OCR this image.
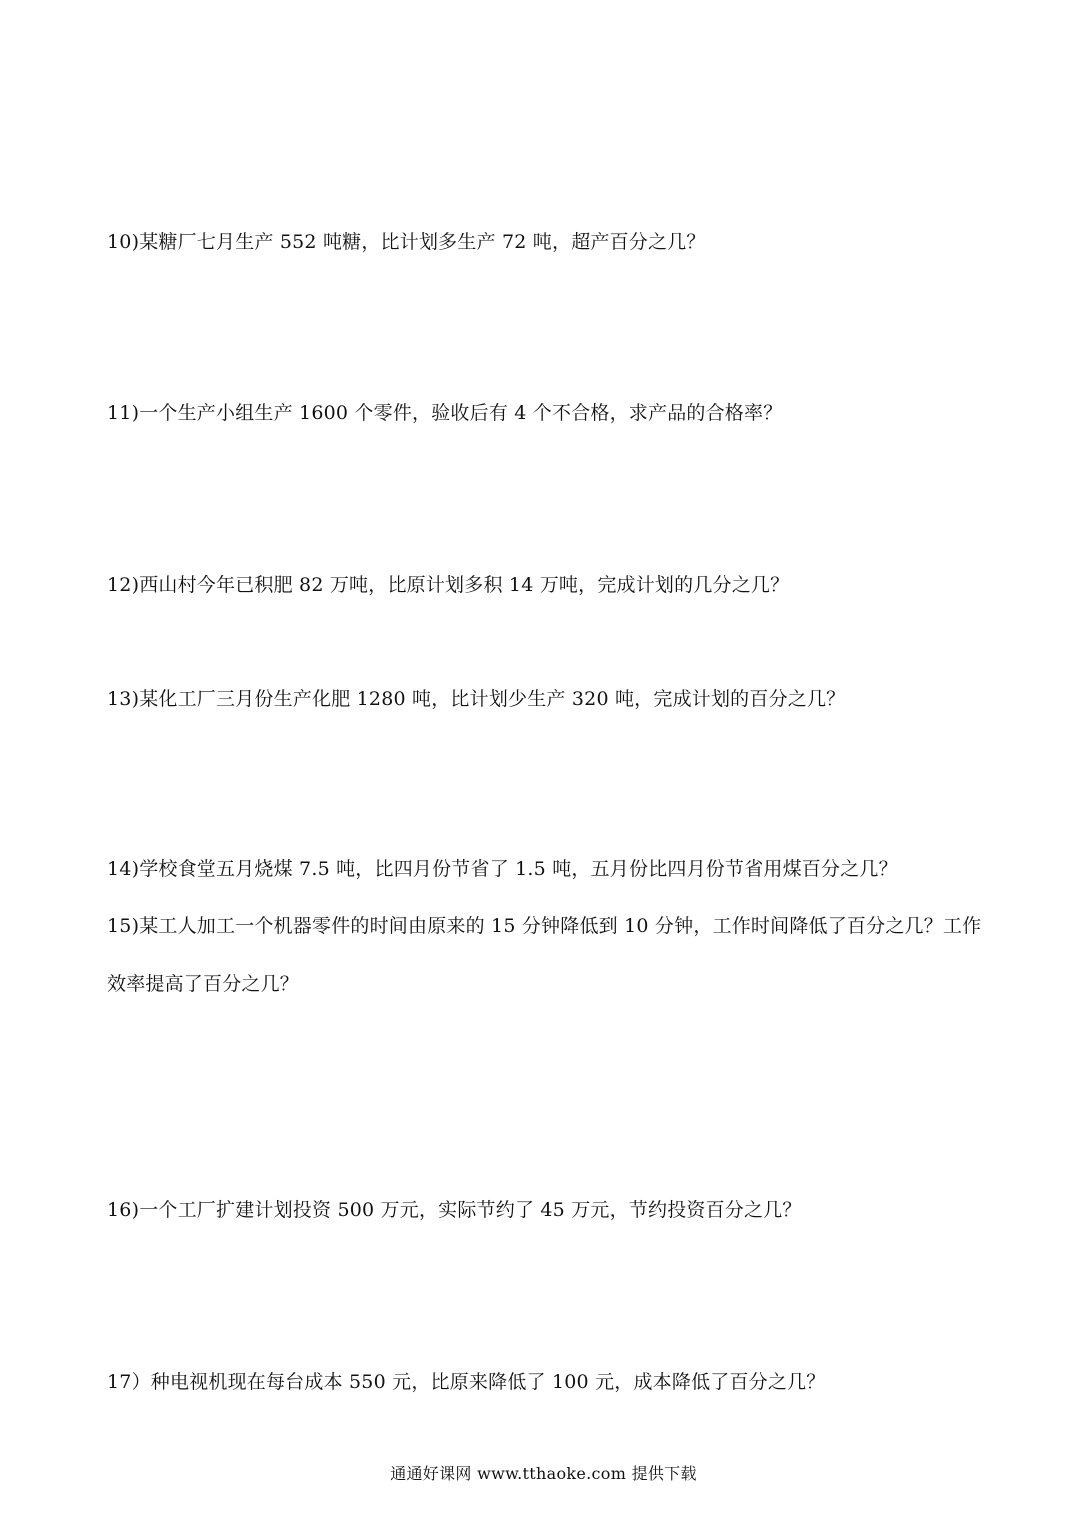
10)某糖厂七月生产 552 吨糖，比计划多生产 72 吨，超产百分之几？
11)一个生产小组生产 1600 个零件，验收后有 4 个不合格，求产品的合格率？
12)西山村今年已积肥 82 万吨，比原计划多积 14 万吨，完成计划的几分之几？
13)某化工厂三月份生产化肥 1280 吨，比计划少生产 320 吨，完成计划的百分之几？
14)学校食堂五月烧煤 7.5 吨，比四月份节省了 1.5 吨，五月份比四月份节省用煤百分之几？
15)某工人加工一个机器零件的时间由原来的 15 分钟降低到 10 分钟，工作时间降低了百分之几？工作效率提高了百分之几？
16)一个工厂扩建计划投资 500 万元，实际节约了 45 万元，节约投资百分之几？
17）种电视机现在每台成本 550 元，比原来降低了 100 元，成本降低了百分之几？
通通好课网 www.tthaoke.com 提供下载
